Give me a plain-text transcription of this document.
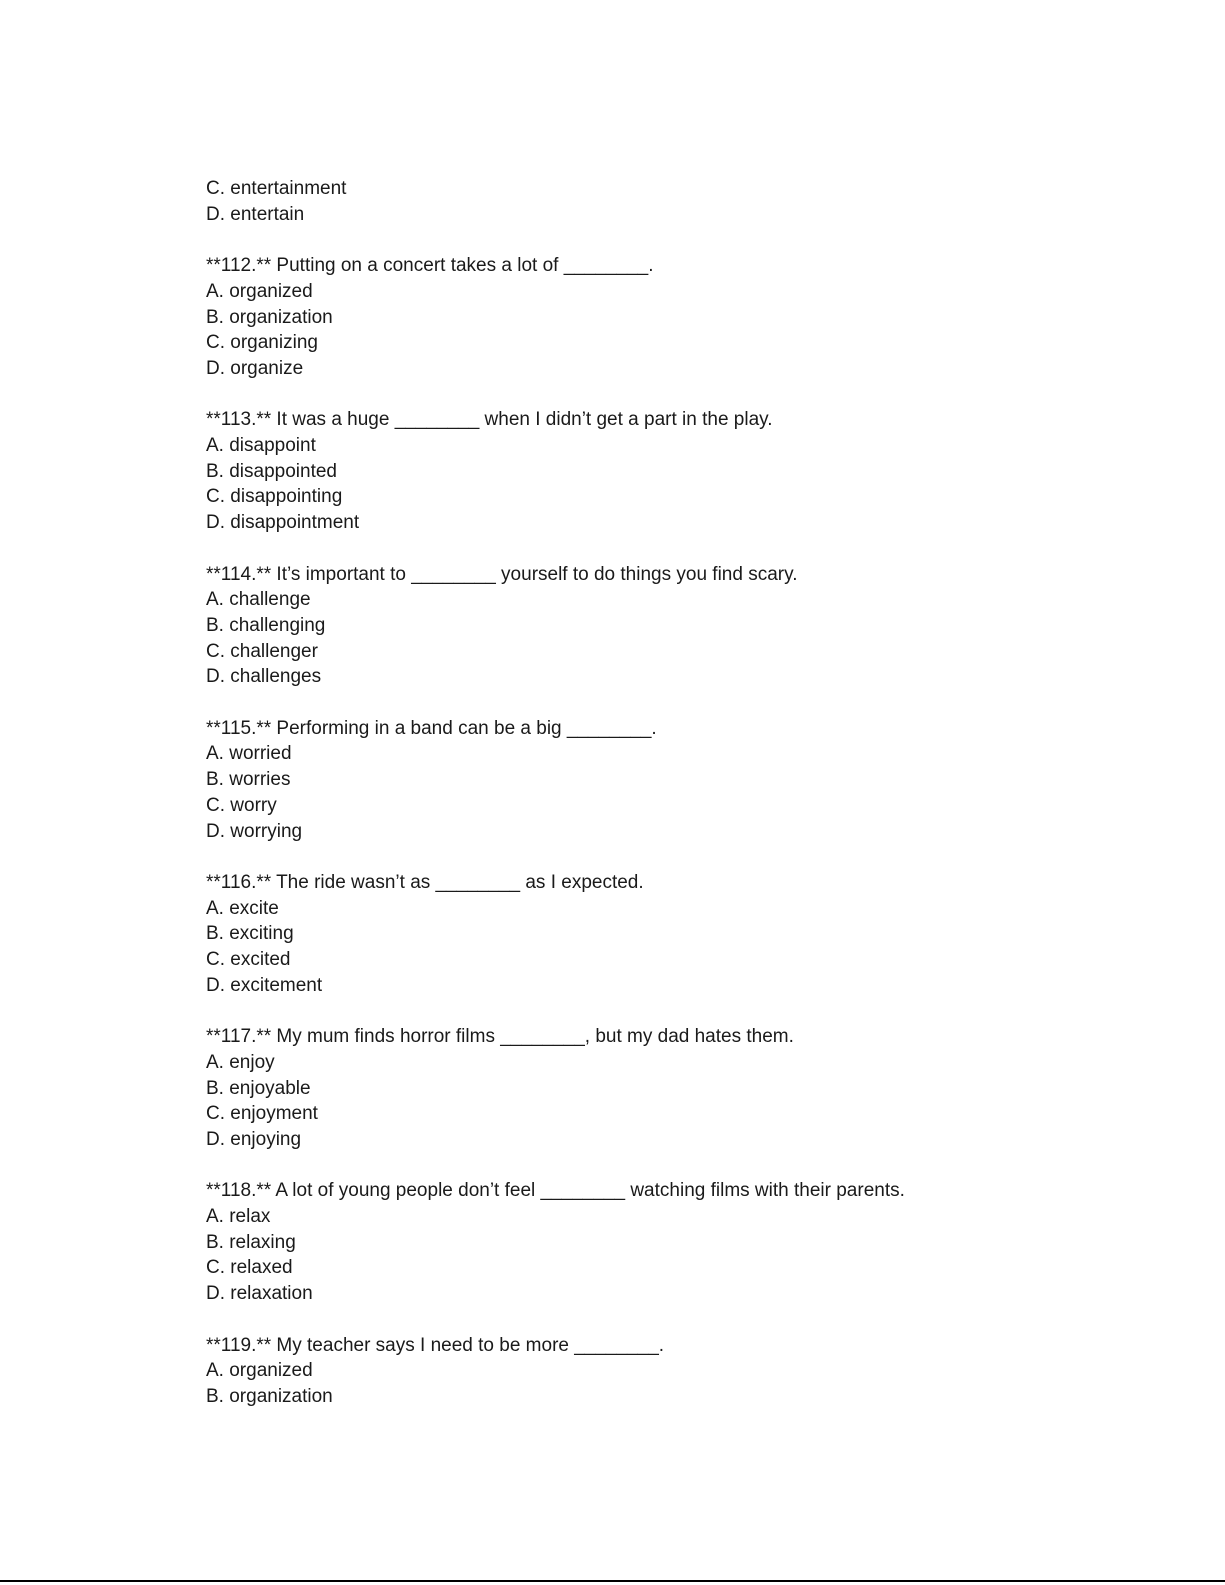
C. entertainment

D. entertain

**112.** Putting on a concert takes a lot of ________.

A. organized

B. organization

C. organizing

D. organize

**113.** It was a huge ________ when I didn’t get a part in the play.

A. disappoint

B. disappointed

C. disappointing

D. disappointment

**114.** It’s important to ________ yourself to do things you find scary.

A. challenge

B. challenging

C. challenger

D. challenges

**115.** Performing in a band can be a big ________.

A. worried

B. worries

C. worry

D. worrying

**116.** The ride wasn’t as ________ as I expected.

A. excite

B. exciting

C. excited

D. excitement

**117.** My mum finds horror films ________, but my dad hates them.

A. enjoy

B. enjoyable

C. enjoyment

D. enjoying

**118.** A lot of young people don’t feel ________ watching films with their parents.

A. relax

B. relaxing

C. relaxed

D. relaxation

**119.** My teacher says I need to be more ________.

A. organized

B. organization
